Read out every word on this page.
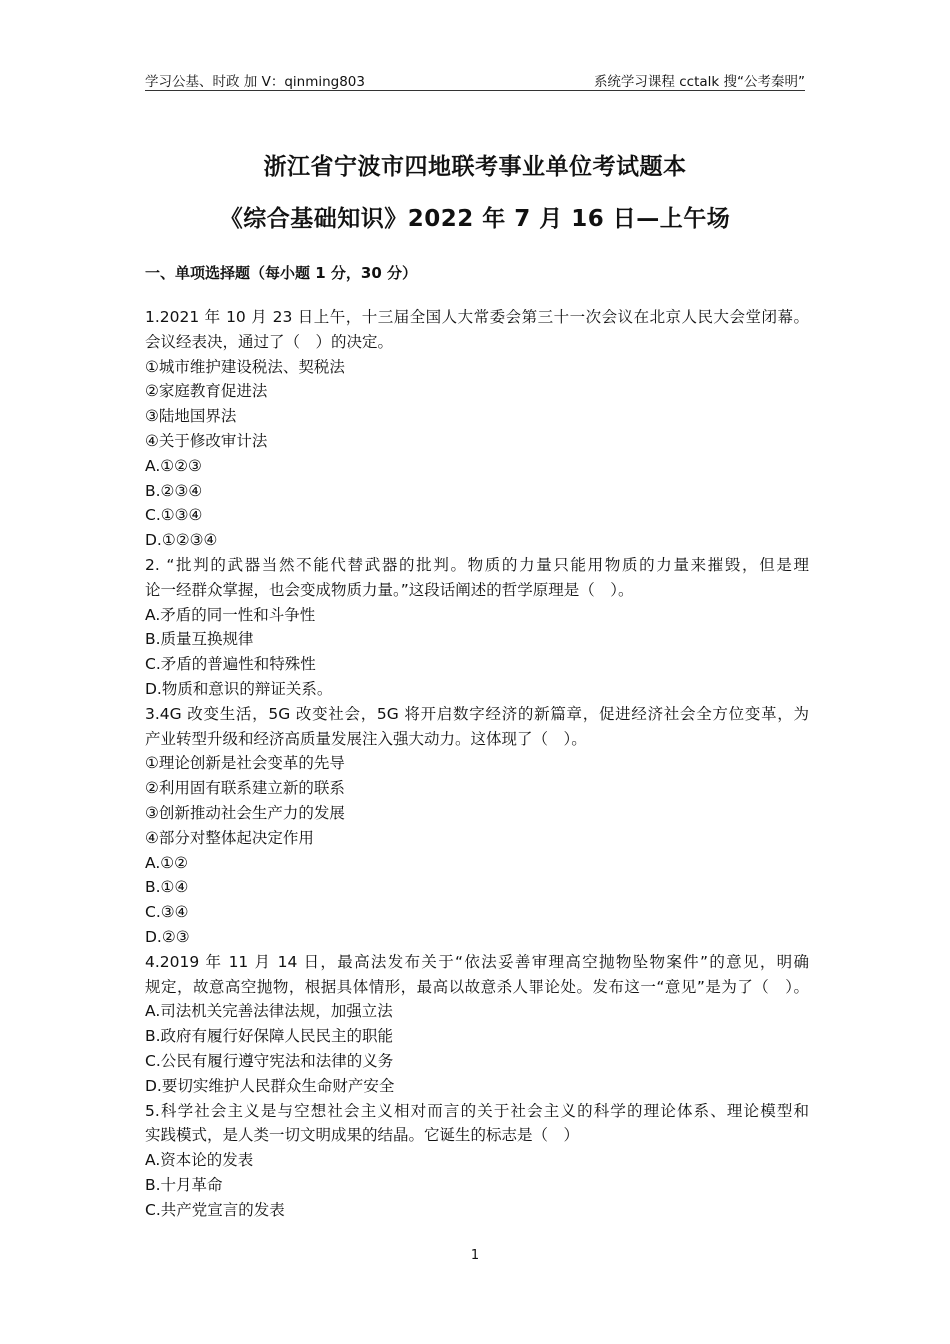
学习公基、时政 加 V：qinming803	系统学习课程 cctalk 搜“公考秦明”
浙江省宁波市四地联考事业单位考试题本
《综合基础知识》2022 年 7 月 16 日—上午场
一、单项选择题（每小题 1 分，30 分）
1.2021 年 10 月 23 日上午，十三届全国人大常委会第三十一次会议在北京人民大会堂闭幕。
会议经表决，通过了（　）的决定。
①城市维护建设税法、契税法
②家庭教育促进法
③陆地国界法
④关于修改审计法
A.①②③
B.②③④
C.①③④
D.①②③④
2. “批判的武器当然不能代替武器的批判。物质的力量只能用物质的力量来摧毁，但是理
论一经群众掌握，也会变成物质力量。”这段话阐述的哲学原理是（　）。
A.矛盾的同一性和斗争性
B.质量互换规律
C.矛盾的普遍性和特殊性
D.物质和意识的辩证关系。
3.4G 改变生活，5G 改变社会，5G 将开启数字经济的新篇章，促进经济社会全方位变革，为
产业转型升级和经济高质量发展注入强大动力。这体现了（　）。
①理论创新是社会变革的先导
②利用固有联系建立新的联系
③创新推动社会生产力的发展
④部分对整体起决定作用
A.①②
B.①④
C.③④
D.②③
4.2019 年 11 月 14 日，最高法发布关于“依法妥善审理高空抛物坠物案件”的意见，明确
规定，故意高空抛物，根据具体情形，最高以故意杀人罪论处。发布这一“意见”是为了（　）。
A.司法机关完善法律法规，加强立法
B.政府有履行好保障人民民主的职能
C.公民有履行遵守宪法和法律的义务
D.要切实维护人民群众生命财产安全
5.科学社会主义是与空想社会主义相对而言的关于社会主义的科学的理论体系、理论模型和
实践模式，是人类一切文明成果的结晶。它诞生的标志是（　）
A.资本论的发表
B.十月革命
C.共产党宣言的发表
1
